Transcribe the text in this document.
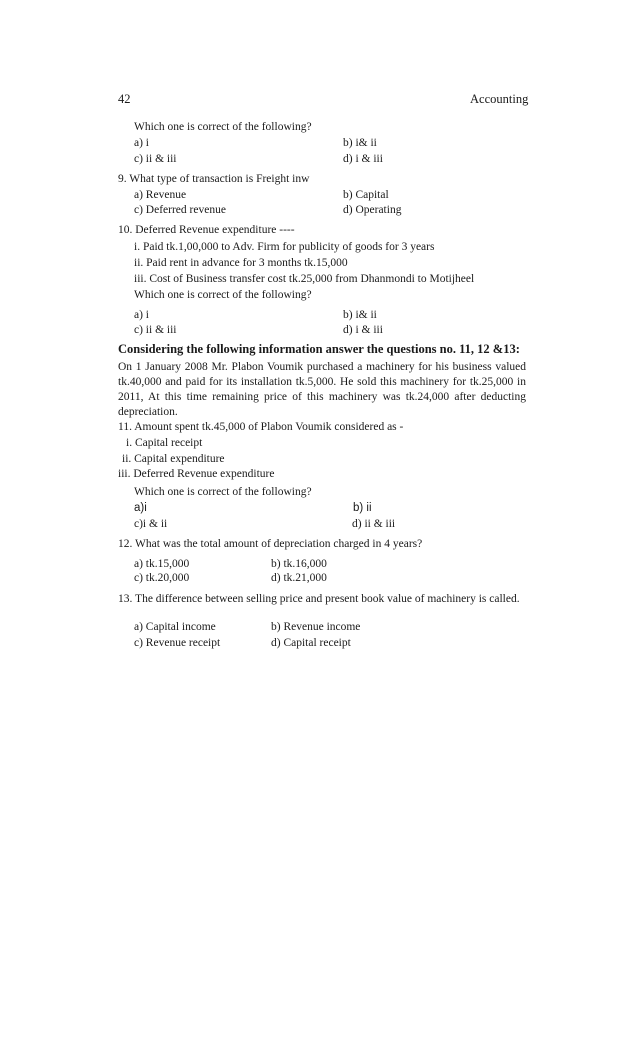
42	Accounting
Which one is correct of the following?
a) i	b) i& ii
c) ii & iii	d) i & iii
9. What type of transaction is Freight inw
a) Revenue	b) Capital
c) Deferred revenue	d) Operating
10. Deferred Revenue expenditure ----
i. Paid tk.1,00,000 to Adv. Firm for publicity of goods for 3 years
ii. Paid rent in advance for 3 months tk.15,000
iii. Cost of Business transfer cost tk.25,000 from Dhanmondi to Motijheel
Which one is correct of the following?
a) i	b) i& ii
c) ii & iii	d) i & iii
Considering the following information answer the questions no. 11, 12 &13:
On 1 January 2008 Mr. Plabon Voumik purchased a machinery for his business valued tk.40,000 and paid for its installation tk.5,000. He sold this machinery for tk.25,000 in 2011, At this time remaining price of this machinery was tk.24,000 after deducting depreciation.
11. Amount spent tk.45,000 of Plabon Voumik considered as -
i. Capital receipt
ii. Capital expenditure
iii. Deferred Revenue expenditure
Which one is correct of the following?
a)i	b) ii
c)i & ii	d) ii & iii
12. What was the total amount of depreciation charged in 4 years?
a) tk.15,000	b) tk.16,000
c) tk.20,000	d) tk.21,000
13. The difference between selling price and present book value of machinery is called.
a) Capital income	b) Revenue income
c) Revenue receipt	d) Capital receipt
